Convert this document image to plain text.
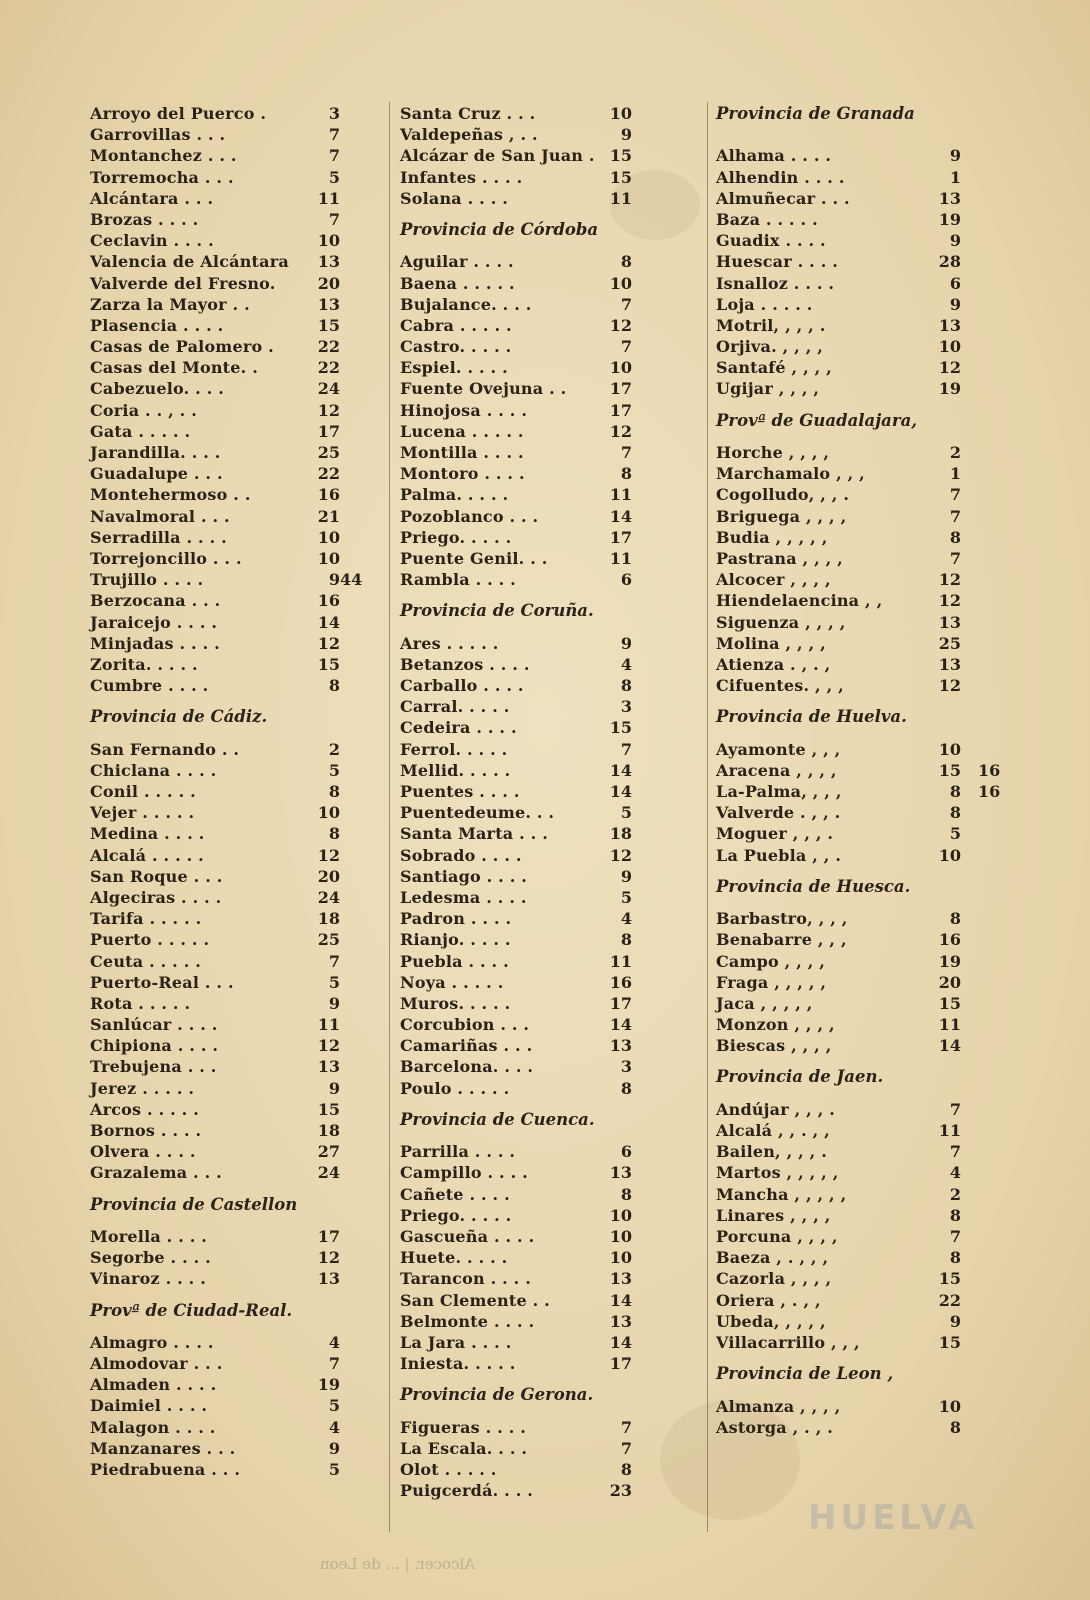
Alcocer. | ... de Leon
HUELVA
Arroyo del Puerco .	3
Garrovillas . . .	7
Montanchez . . .	7
Torremocha . . .	5
Alcántara . . .	11
Brozas . . . .	7
Ceclavin . . . .	10
Valencia de Alcántara 13
Valverde del Fresno.	20
Zarza la Mayor . .	13
Plasencia . . . .	15
Casas de Palomero .	22
Casas del Monte. .	22
Cabezuelo. . . .	24
Coria . . , . .	12
Gata . . . . .	17
Jarandilla. . . .	25
Guadalupe . . .	22
Montehermoso . .	16
Navalmoral . . .	21
Serradilla . . . .	10
Torrejoncillo . . .	10
Trujillo . . . .	9 44
Berzocana . . .	16
Jaraicejo . . . .	14
Minjadas . . . .	12
Zorita. . . . .	15
Cumbre . . . .	8
Provincia de Cádiz.
San Fernando . .	2
Chiclana . . . .	5
Conil . . . . .	8
Vejer . . . . .	10
Medina . . . .	8
Alcalá . . . . .	12
San Roque . . .	20
Algeciras . . . .	24
Tarifa . . . . .	18
Puerto . . . . .	25
Ceuta . . . . .	7
Puerto-Real . . .	5
Rota . . . . .	9
Sanlúcar . . . .	11
Chipiona . . . .	12
Trebujena . . .	13
Jerez . . . . .	9
Arcos . . . . .	15
Bornos . . . .	18
Olvera . . . .	27
Grazalema . . .	24
Provincia de Castellon
Morella . . . .	17
Segorbe . . . .	12
Vinaroz . . . .	13
Provª de Ciudad-Real.
Almagro . . . .	4
Almodovar . . .	7
Almaden . . . .	19
Daimiel . . . .	5
Malagon . . . .	4
Manzanares . . .	9
Piedrabuena . . .	5
Santa Cruz . . .	10
Valdepeñas , . .	9
Alcázar de San Juan . 15
Infantes . . . .	15
Solana . . . .	11
Provincia de Córdoba
Aguilar . . . .	8
Baena . . . . .	10
Bujalance. . . .	7
Cabra . . . . .	12
Castro. . . . .	7
Espiel. . . . .	10
Fuente Ovejuna . .	17
Hinojosa . . . .	17
Lucena . . . . .	12
Montilla . . . .	7
Montoro . . . .	8
Palma. . . . .	11
Pozoblanco . . .	14
Priego. . . . .	17
Puente Genil. . .	11
Rambla . . . .	6
Provincia de Coruña.
Ares . . . . .	9
Betanzos . . . .	4
Carballo . . . .	8
Carral. . . . .	3
Cedeira . . . .	15
Ferrol. . . . .	7
Mellid. . . . .	14
Puentes . . . .	14
Puentedeume. . .	5
Santa Marta . . .	18
Sobrado . . . .	12
Santiago . . . .	9
Ledesma . . . .	5
Padron . . . .	4
Rianjo. . . . .	8
Puebla . . . .	11
Noya . . . . .	16
Muros. . . . .	17
Corcubion . . .	14
Camariñas . . .	13
Barcelona. . . .	3
Poulo . . . . .	8
Provincia de Cuenca.
Parrilla . . . .	6
Campillo . . . .	13
Cañete . . . .	8
Priego. . . . .	10
Gascueña . . . .	10
Huete. . . . .	10
Tarancon . . . .	13
San Clemente . .	14
Belmonte . . . .	13
La Jara . . . .	14
Iniesta. . . . .	17
Provincia de Gerona.
Figueras . . . .	7
La Escala. . . .	7
Olot . . . . .	8
Puigcerdá. . . .	23
Provincia de Granada
Alhama . . . .	9
Alhendin . . . .	1
Almuñecar . . .	13
Baza . . . . .	19
Guadix . . . .	9
Huescar . . . .	28
Isnalloz . . . .	6
Loja . . . . .	9
Motril, , , , .	13
Orjiva. , , , ,	10
Santafé , , , ,	12
Ugijar , , , ,	19
Provª de Guadalajara,
Horche , , , ,	2
Marchamalo , , ,	1
Cogolludo, , , .	7
Briguega , , , ,	7
Budia , , , , ,	8
Pastrana , , , ,	7
Alcocer , , , ,	12
Hiendelaencina , ,	12
Siguenza , , , ,	13
Molina , , , ,	25
Atienza . , . ,	13
Cifuentes. , , ,	12
Provincia de Huelva.
Ayamonte , , ,	10
Aracena , , , ,	15 16
La-Palma, , , ,	8 16
Valverde . , , .	8
Moguer , , , .	5
La Puebla , , .	10
Provincia de Huesca.
Barbastro, , , ,	8
Benabarre , , ,	16
Campo , , , ,	19
Fraga , , , , ,	20
Jaca , , , , ,	15
Monzon , , , ,	11
Biescas , , , ,	14
Provincia de Jaen.
Andújar , , , .	7
Alcalá , , . , ,	11
Bailen, , , , .	7
Martos , , , , ,	4
Mancha , , , , ,	2
Linares , , , ,	8
Porcuna , , , ,	7
Baeza , . , , ,	8
Cazorla , , , ,	15
Oriera , . , ,	22
Ubeda, , , , ,	9
Villacarrillo , , ,	15
Provincia de Leon ,
Almanza , , , ,	10
Astorga , . , .	8
